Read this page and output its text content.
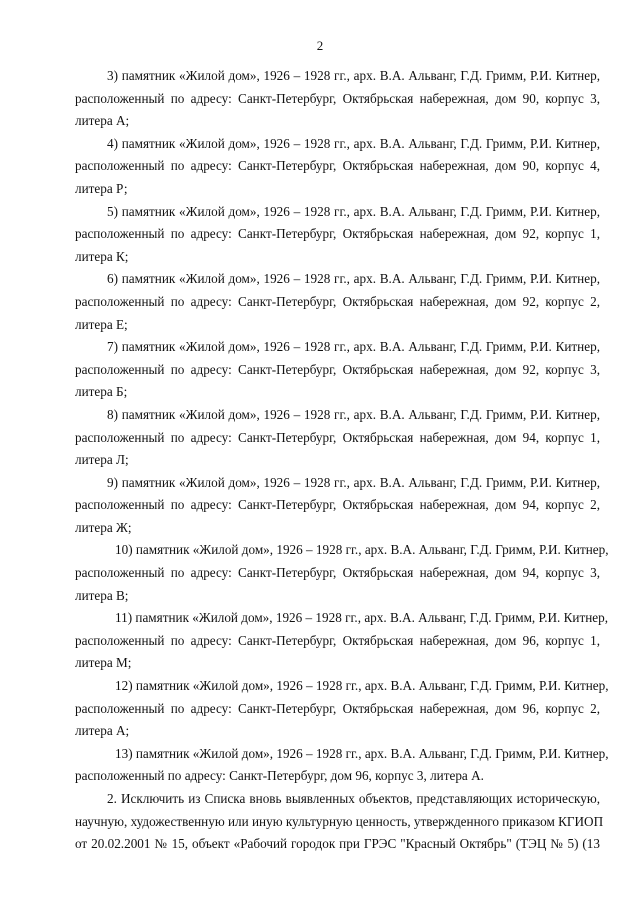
2
3) памятник «Жилой дом», 1926 – 1928 гг., арх. В.А. Альванг, Г.Д. Гримм, Р.И. Китнер,
расположенный по адресу: Санкт-Петербург, Октябрьская набережная, дом 90, корпус 3,
литера А;
4) памятник «Жилой дом», 1926 – 1928 гг., арх. В.А. Альванг, Г.Д. Гримм, Р.И. Китнер,
расположенный по адресу: Санкт-Петербург, Октябрьская набережная, дом 90, корпус 4,
литера Р;
5) памятник «Жилой дом», 1926 – 1928 гг., арх. В.А. Альванг, Г.Д. Гримм, Р.И. Китнер,
расположенный по адресу: Санкт-Петербург, Октябрьская набережная, дом 92, корпус 1,
литера К;
6) памятник «Жилой дом», 1926 – 1928 гг., арх. В.А. Альванг, Г.Д. Гримм, Р.И. Китнер,
расположенный по адресу: Санкт-Петербург, Октябрьская набережная, дом 92, корпус 2,
литера Е;
7) памятник «Жилой дом», 1926 – 1928 гг., арх. В.А. Альванг, Г.Д. Гримм, Р.И. Китнер,
расположенный по адресу: Санкт-Петербург, Октябрьская набережная, дом 92, корпус 3,
литера Б;
8) памятник «Жилой дом», 1926 – 1928 гг., арх. В.А. Альванг, Г.Д. Гримм, Р.И. Китнер,
расположенный по адресу: Санкт-Петербург, Октябрьская набережная, дом 94, корпус 1,
литера Л;
9) памятник «Жилой дом», 1926 – 1928 гг., арх. В.А. Альванг, Г.Д. Гримм, Р.И. Китнер,
расположенный по адресу: Санкт-Петербург, Октябрьская набережная, дом 94, корпус 2,
литера Ж;
10) памятник «Жилой дом», 1926 – 1928 гг., арх. В.А. Альванг, Г.Д. Гримм, Р.И. Китнер,
расположенный по адресу: Санкт-Петербург, Октябрьская набережная, дом 94, корпус 3,
литера В;
11) памятник «Жилой дом», 1926 – 1928 гг., арх. В.А. Альванг, Г.Д. Гримм, Р.И. Китнер,
расположенный по адресу: Санкт-Петербург, Октябрьская набережная, дом 96, корпус 1,
литера М;
12) памятник «Жилой дом», 1926 – 1928 гг., арх. В.А. Альванг, Г.Д. Гримм, Р.И. Китнер,
расположенный по адресу: Санкт-Петербург, Октябрьская набережная, дом 96, корпус 2,
литера А;
13) памятник «Жилой дом», 1926 – 1928 гг., арх. В.А. Альванг, Г.Д. Гримм, Р.И. Китнер,
расположенный по адресу: Санкт-Петербург, дом 96, корпус 3, литера А.
2. Исключить из Списка вновь выявленных объектов, представляющих историческую,
научную, художественную или иную культурную ценность, утвержденного приказом КГИОП
от 20.02.2001 № 15, объект «Рабочий городок при ГРЭС "Красный Октябрь" (ТЭЦ № 5) (13
